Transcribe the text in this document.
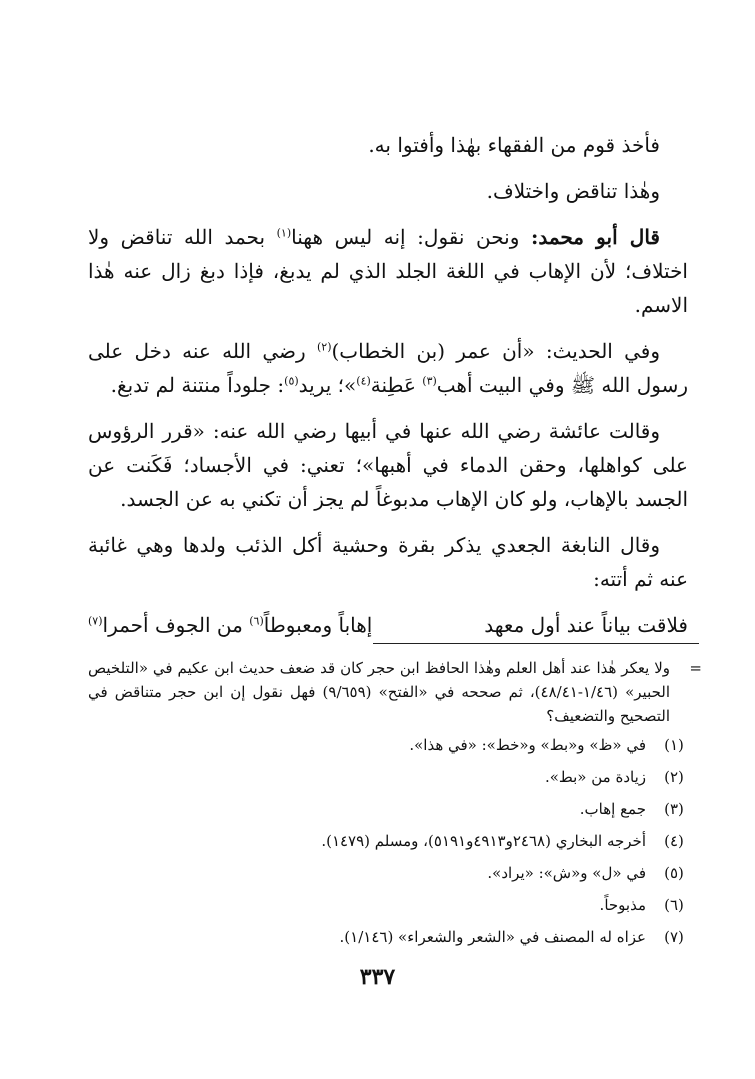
فأخذ قوم من الفقهاء بهٰذا وأفتوا به.

وهٰذا تناقض واختلاف.

قال أبو محمد: ونحن نقول: إنه ليس ههنا$^{(١)}$ بحمد الله تناقض ولا اختلاف؛ لأن الإهاب في اللغة الجلد الذي لم يدبغ، فإذا دبغ زال عنه هٰذا الاسم.

وفي الحديث: «أن عمر (بن الخطاب)$^{(٢)}$ رضي الله عنه دخل على رسول الله ﷺ وفي البيت أهب$^{(٣)}$ عَطِنة$^{(٤)}$»؛ يريد$^{(٥)}$: جلوداً منتنة لم تدبغ.

وقالت عائشة رضي الله عنها في أبيها رضي الله عنه: «قرر الرؤوس على كواهلها، وحقن الدماء في أهبها»؛ تعني: في الأجساد؛ فَكَنت عن الجسد بالإهاب، ولو كان الإهاب مدبوغاً لم يجز أن تكني به عن الجسد.

وقال النابغة الجعدي يذكر بقرة وحشية أكل الذئب ولدها وهي غائبة عنه ثم أتته:

فلاقت بياناً عند أول معهد
إهاباً ومعبوطاً$^{(٦)}$ من الجوف أحمرا$^{(٧)}$
=
ولا يعكر هٰذا عند أهل العلم وهٰذا الحافظ ابن حجر كان قد ضعف حديث ابن عكيم في «التلخيص الحبير» (١/٤٦-٤٨/٤١)، ثم صححه في «الفتح» (٩/٦٥٩) فهل نقول إن ابن حجر متناقض في التصحيح والتضعيف؟
(١)
في «ظ» و«بط» و«خط»: «في هذا».
(٢)
زيادة من «بط».
(٣)
جمع إهاب.
(٤)
أخرجه البخاري (٢٤٦٨و٤٩١٣و٥١٩١)، ومسلم (١٤٧٩).
(٥)
في «ل» و«ش»: «يراد».
(٦)
مذبوحاً.
(٧)
عزاه له المصنف في «الشعر والشعراء» (١/١٤٦).
٣٣٧
